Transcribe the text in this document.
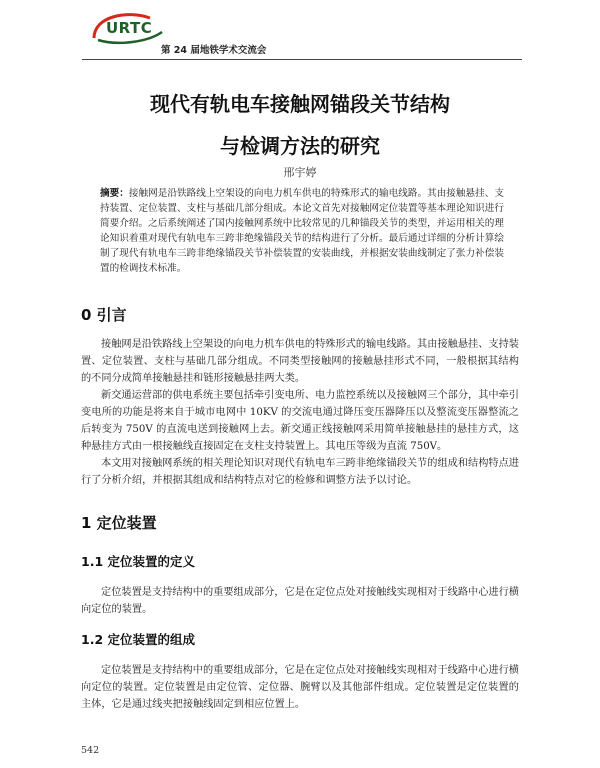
URTC
第 24 届地铁学术交流会
现代有轨电车接触网锚段关节结构
与检调方法的研究
邢宇婷
摘要：接触网是沿铁路线上空架设的向电力机车供电的特殊形式的输电线路。其由接触悬挂、支持装置、定位装置、支柱与基础几部分组成。本论文首先对接触网定位装置等基本理论知识进行简要介绍。之后系统阐述了国内接触网系统中比较常见的几种锚段关节的类型，并运用相关的理论知识着重对现代有轨电车三跨非绝缘锚段关节的结构进行了分析。最后通过详细的分析计算绘制了现代有轨电车三跨非绝缘锚段关节补偿装置的安装曲线，并根据安装曲线制定了张力补偿装置的检调技术标准。
0 引言
接触网是沿铁路线上空架设的向电力机车供电的特殊形式的输电线路。其由接触悬挂、支持装置、定位装置、支柱与基础几部分组成。不同类型接触网的接触悬挂形式不同，一般根据其结构的不同分成简单接触悬挂和链形接触悬挂两大类。
新交通运营部的供电系统主要包括牵引变电所、电力监控系统以及接触网三个部分，其中牵引变电所的功能是将来自于城市电网中 10KV 的交流电通过降压变压器降压以及整流变压器整流之后转变为 750V 的直流电送到接触网上去。新交通正线接触网采用简单接触悬挂的悬挂方式，这种悬挂方式由一根接触线直接固定在支柱支持装置上。其电压等级为直流 750V。
本文用对接触网系统的相关理论知识对现代有轨电车三跨非绝缘锚段关节的组成和结构特点进行了分析介绍，并根据其组成和结构特点对它的检修和调整方法予以讨论。
1 定位装置
1.1 定位装置的定义
定位装置是支持结构中的重要组成部分，它是在定位点处对接触线实现相对于线路中心进行横向定位的装置。
1.2 定位装置的组成
定位装置是支持结构中的重要组成部分，它是在定位点处对接触线实现相对于线路中心进行横向定位的装置。定位装置是由定位管、定位器、腕臂以及其他部件组成。定位装置是定位装置的主体，它是通过线夹把接触线固定到相应位置上。
542
